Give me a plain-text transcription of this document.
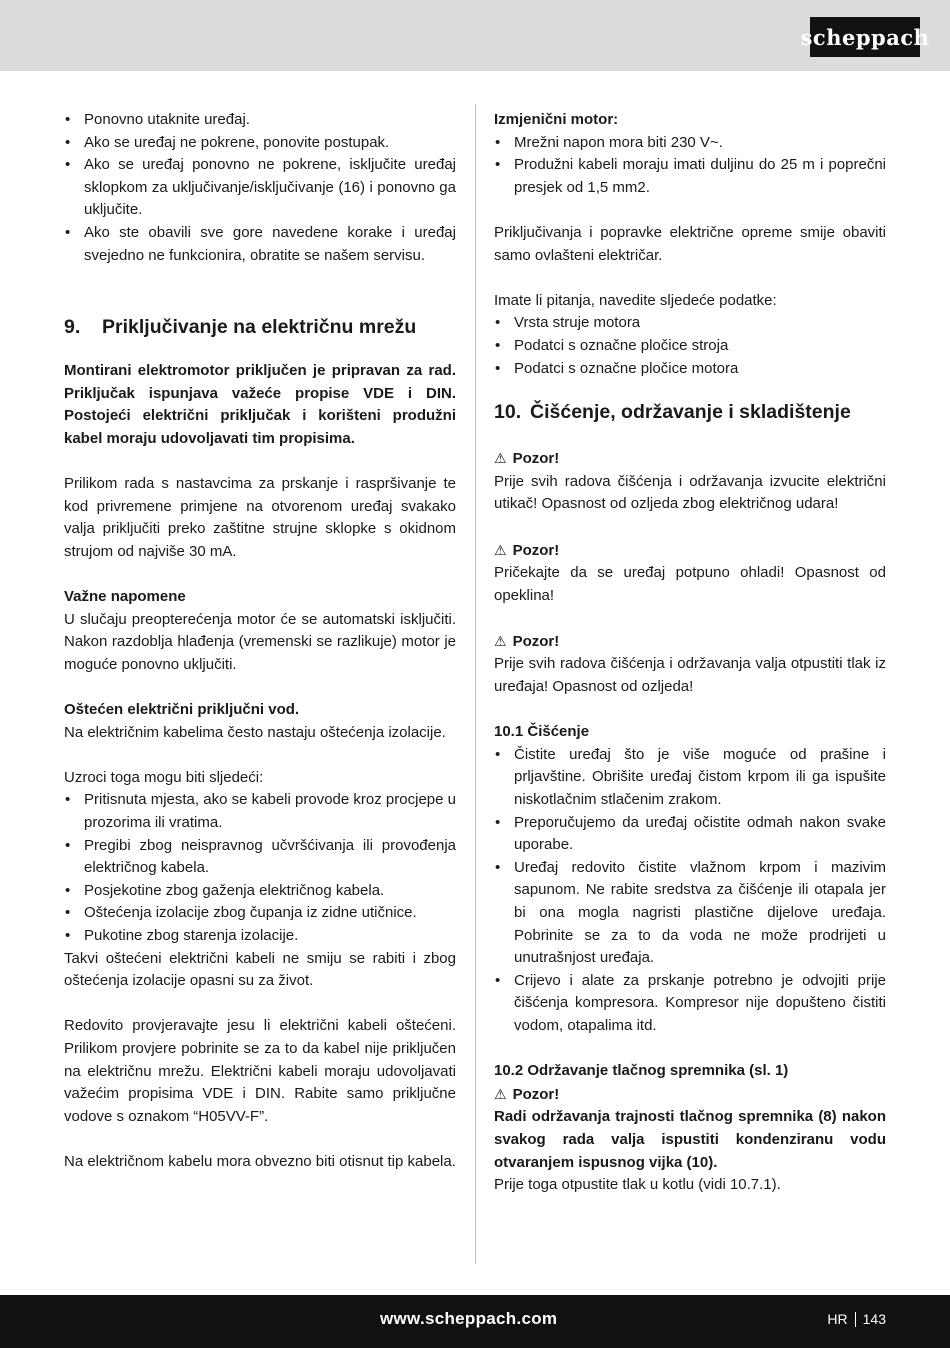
scheppach
• Ponovno utaknite uređaj.
• Ako se uređaj ne pokrene, ponovite postupak.
• Ako se uređaj ponovno ne pokrene, isključite uređaj sklopkom za uključivanje/isključivanje (16) i ponovno ga uključite.
• Ako ste obavili sve gore navedene korake i uređaj svejedno ne funkcionira, obratite se našem servisu.
9.	Priključivanje na električnu mrežu

Montirani elektromotor priključen je pripravan za rad. Priključak ispunjava važeće propise VDE i DIN. Postojeći električni priključak i korišteni produžni kabel moraju udovoljavati tim propisima.

Prilikom rada s nastavcima za prskanje i raspršivanje te kod privremene primjene na otvorenom uređaj svakako valja priključiti preko zaštitne strujne sklopke s okidnom strujom od najviše 30 mA.

Važne napomene

U slučaju preopterećenja motor će se automatski isključiti. Nakon razdoblja hlađenja (vremenski se razlikuje) motor je moguće ponovno uključiti.

Oštećen električni priključni vod.

Na električnim kabelima često nastaju oštećenja izolacije.

Uzroci toga mogu biti sljedeći:

• Pritisnuta mjesta, ako se kabeli provode kroz procjepe u prozorima ili vratima.
• Pregibi zbog neispravnog učvršćivanja ili provođenja električnog kabela.
• Posjekotine zbog gaženja električnog kabela.
• Oštećenja izolacije zbog čupanja iz zidne utičnice.
• Pukotine zbog starenja izolacije.

Takvi oštećeni električni kabeli ne smiju se rabiti i zbog oštećenja izolacije opasni su za život.

Redovito provjeravajte jesu li električni kabeli oštećeni. Prilikom provjere pobrinite se za to da kabel nije priključen na električnu mrežu. Električni kabeli moraju udovoljavati važećim propisima VDE i DIN. Rabite samo priključne vodove s oznakom “H05VV-F”.

Na električnom kabelu mora obvezno biti otisnut tip kabela.

Izmjenični motor:

• Mrežni napon mora biti 230 V~.
• Produžni kabeli moraju imati duljinu do 25 m i poprečni presjek od 1,5 mm2.

Priključivanja i popravke električne opreme smije obaviti samo ovlašteni električar.

Imate li pitanja, navedite sljedeće podatke:

• Vrsta struje motora
• Podatci s označne pločice stroja
• Podatci s označne pločice motora
10. Čišćenje, održavanje i skladištenje

⚠ Pozor!

Prije svih radova čišćenja i održavanja izvucite električni utikač! Opasnost od ozljeda zbog električnog udara!

⚠ Pozor!

Pričekajte da se uređaj potpuno ohladi! Opasnost od opeklina!

⚠ Pozor!

Prije svih radova čišćenja i održavanja valja otpustiti tlak iz uređaja! Opasnost od ozljeda!

10.1 Čišćenje

• Čistite uređaj što je više moguće od prašine i prljavštine. Obrišite uređaj čistom krpom ili ga ispušite niskotlačnim stlačenim zrakom.
• Preporučujemo da uređaj očistite odmah nakon svake uporabe.
• Uređaj redovito čistite vlažnom krpom i mazivim sapunom. Ne rabite sredstva za čišćenje ili otapala jer bi ona mogla nagristi plastične dijelove uređaja. Pobrinite se za to da voda ne može prodrijeti u unutrašnjost uređaja.
• Crijevo i alate za prskanje potrebno je odvojiti prije čišćenja kompresora. Kompresor nije dopušteno čistiti vodom, otapalima itd.

10.2 Održavanje tlačnog spremnika (sl. 1)

⚠ Pozor!

Radi održavanja trajnosti tlačnog spremnika (8) nakon svakog rada valja ispustiti kondenziranu vodu otvaranjem ispusnog vijka (10).

Prije toga otpustite tlak u kotlu (vidi 10.7.1).

www.scheppach.com	HR 143
